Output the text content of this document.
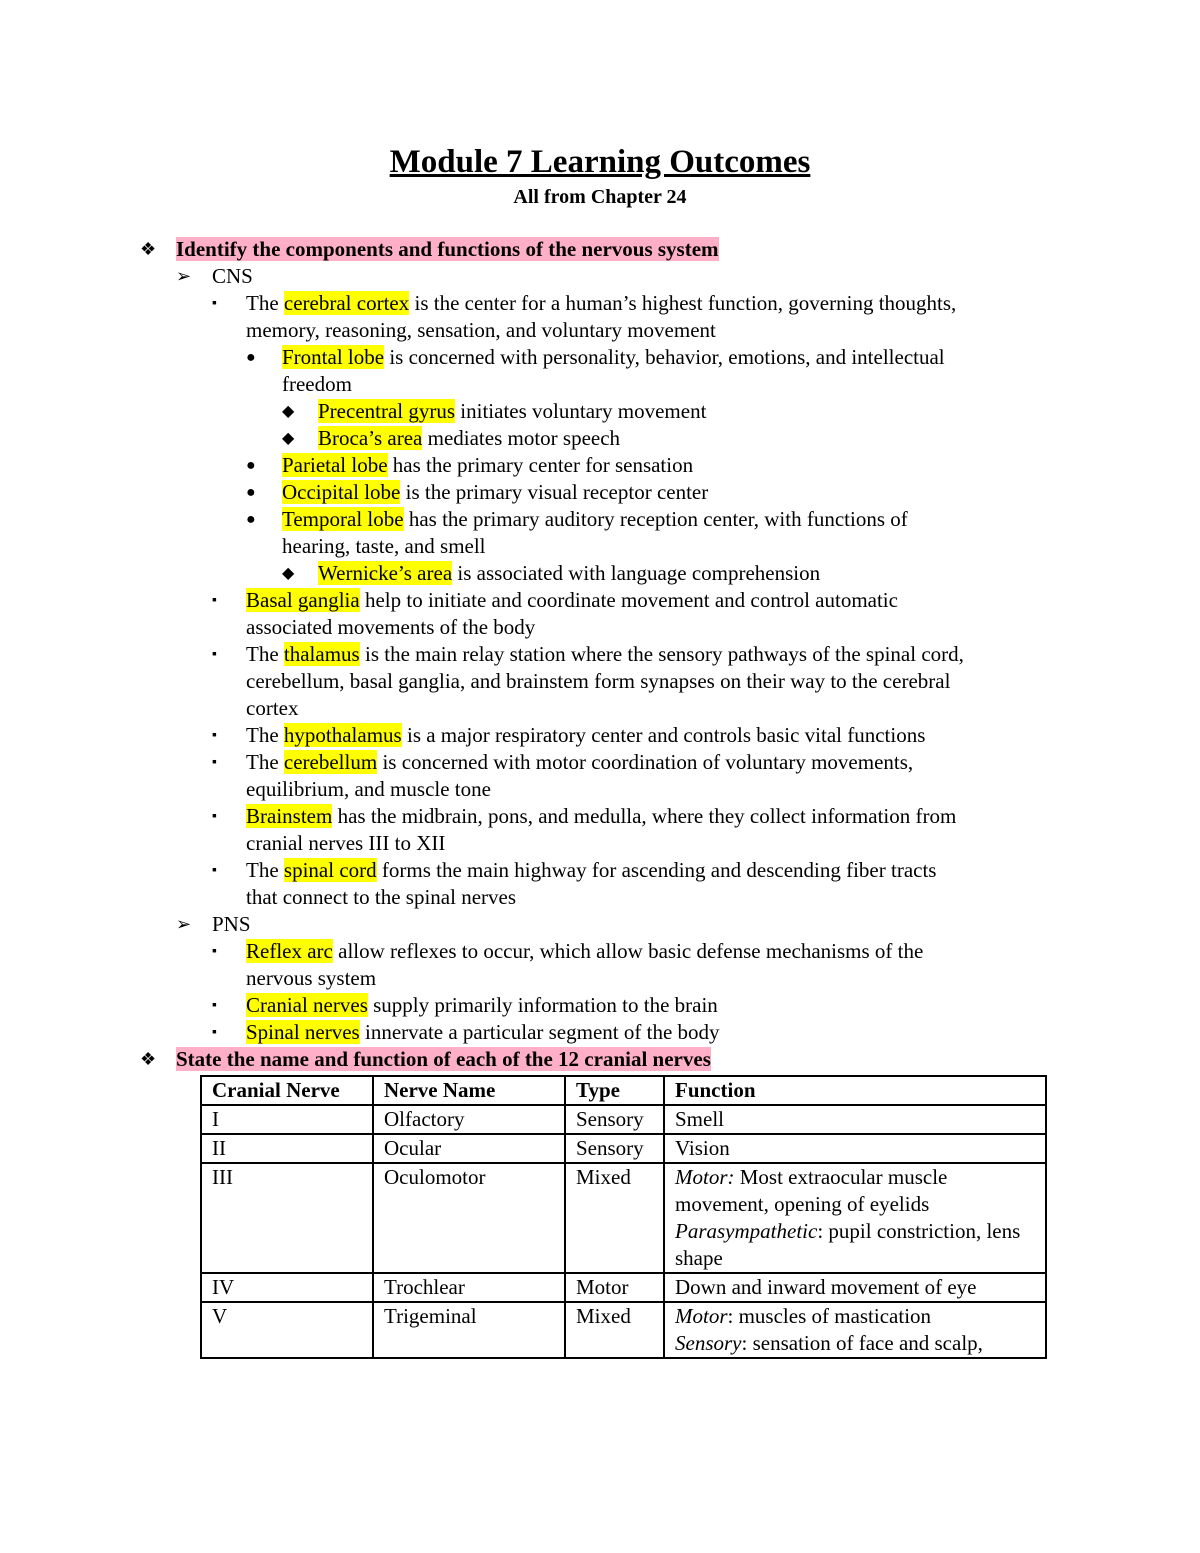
Module 7 Learning Outcomes
All from Chapter 24
❖ Identify the components and functions of the nervous system
➢ CNS
▪ The cerebral cortex is the center for a human’s highest function, governing thoughts,
memory, reasoning, sensation, and voluntary movement
● Frontal lobe is concerned with personality, behavior, emotions, and intellectual
freedom
◆ Precentral gyrus initiates voluntary movement
◆ Broca’s area mediates motor speech
● Parietal lobe has the primary center for sensation
● Occipital lobe is the primary visual receptor center
● Temporal lobe has the primary auditory reception center, with functions of
hearing, taste, and smell
◆ Wernicke’s area is associated with language comprehension
▪ Basal ganglia help to initiate and coordinate movement and control automatic
associated movements of the body
▪ The thalamus is the main relay station where the sensory pathways of the spinal cord,
cerebellum, basal ganglia, and brainstem form synapses on their way to the cerebral
cortex
▪ The hypothalamus is a major respiratory center and controls basic vital functions
▪ The cerebellum is concerned with motor coordination of voluntary movements,
equilibrium, and muscle tone
▪ Brainstem has the midbrain, pons, and medulla, where they collect information from
cranial nerves III to XII
▪ The spinal cord forms the main highway for ascending and descending fiber tracts
that connect to the spinal nerves
➢ PNS
▪ Reflex arc allow reflexes to occur, which allow basic defense mechanisms of the
nervous system
▪ Cranial nerves supply primarily information to the brain
▪ Spinal nerves innervate a particular segment of the body
❖ State the name and function of each of the 12 cranial nerves
Cranial Nerve	Nerve Name	Type	Function
I	Olfactory	Sensory	Smell
II	Ocular	Sensory	Vision
III	Oculomotor	Mixed	Motor: Most extraocular muscle movement, opening of eyelids
Parasympathetic: pupil constriction, lens shape
IV	Trochlear	Motor	Down and inward movement of eye
V	Trigeminal	Mixed	Motor: muscles of mastication
Sensory: sensation of face and scalp,
